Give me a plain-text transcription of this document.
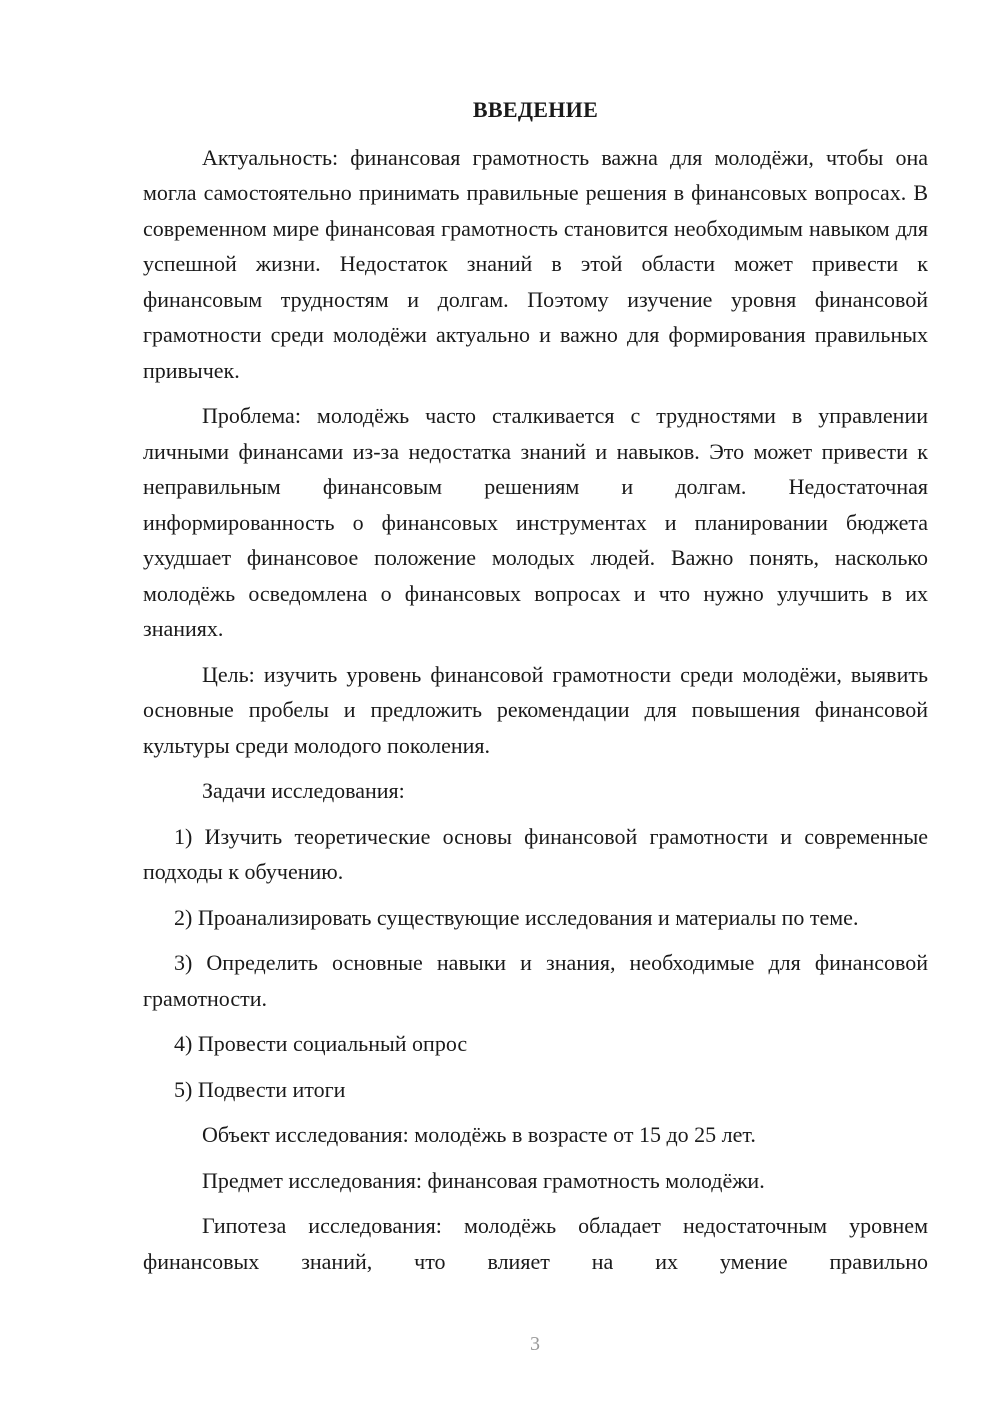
ВВЕДЕНИЕ

Актуальность: финансовая грамотность важна для молодёжи, чтобы она могла самостоятельно принимать правильные решения в финансовых вопросах. В современном мире финансовая грамотность становится необходимым навыком для успешной жизни. Недостаток знаний в этой области может привести к финансовым трудностям и долгам. Поэтому изучение уровня финансовой грамотности среди молодёжи актуально и важно для формирования правильных привычек.

Проблема: молодёжь часто сталкивается с трудностями в управлении личными финансами из-за недостатка знаний и навыков. Это может привести к неправильным финансовым решениям и долгам. Недостаточная информированность о финансовых инструментах и планировании бюджета ухудшает финансовое положение молодых людей. Важно понять, насколько молодёжь осведомлена о финансовых вопросах и что нужно улучшить в их знаниях.

Цель: изучить уровень финансовой грамотности среди молодёжи, выявить основные пробелы и предложить рекомендации для повышения финансовой культуры среди молодого поколения.

Задачи исследования:

1) Изучить теоретические основы финансовой грамотности и современные подходы к обучению.

2) Проанализировать существующие исследования и материалы по теме.

3) Определить основные навыки и знания, необходимые для финансовой грамотности.

4) Провести социальный опрос

5) Подвести итоги

Объект исследования: молодёжь в возрасте от 15 до 25 лет.

Предмет исследования: финансовая грамотность молодёжи.

Гипотеза исследования: молодёжь обладает недостаточным уровнем финансовых знаний, что влияет на их умение правильно

3
